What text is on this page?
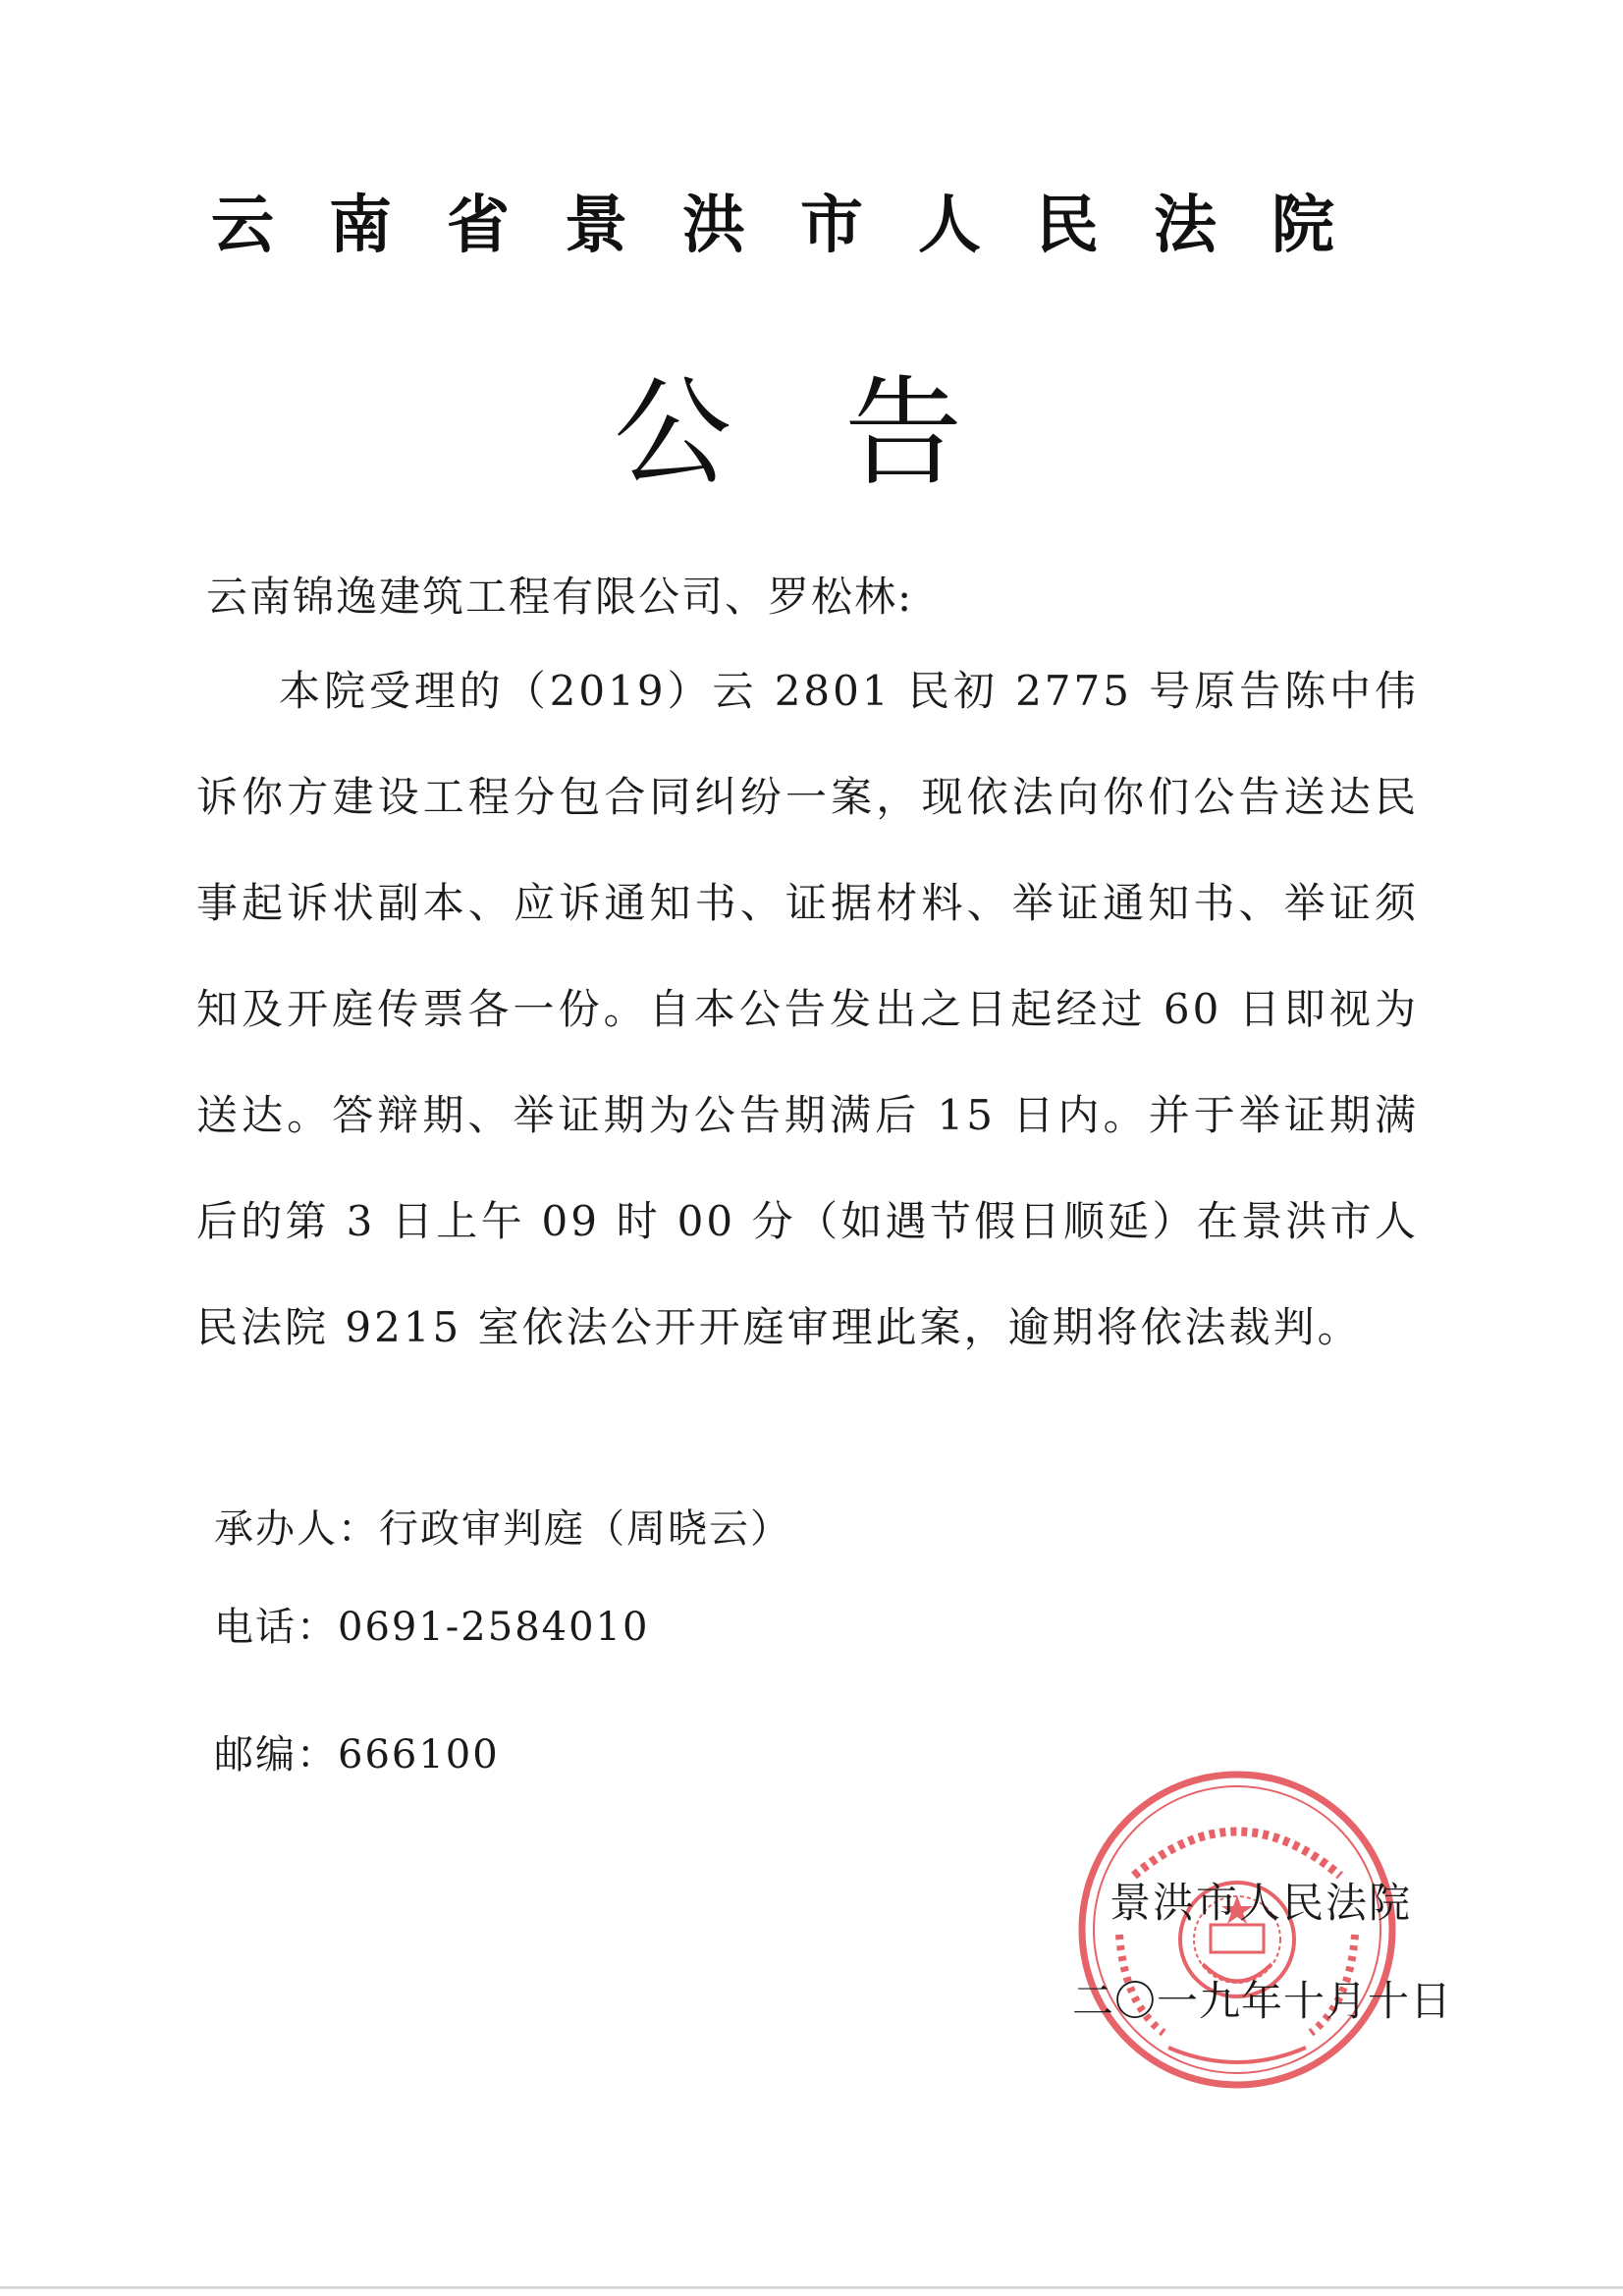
云南省景洪市人民法院
公告
云南锦逸建筑工程有限公司、罗松林:
本院受理的（2019）云 2801 民初 2775 号原告陈中伟诉你方建设工程分包合同纠纷一案，现依法向你们公告送达民事起诉状副本、应诉通知书、证据材料、举证通知书、举证须知及开庭传票各一份。自本公告发出之日起经过 60 日即视为送达。答辩期、举证期为公告期满后 15 日内。并于举证期满后的第 3 日上午 09 时 00 分（如遇节假日顺延）在景洪市人民法院 9215 室依法公开开庭审理此案，逾期将依法裁判。
承办人：行政审判庭（周晓云）
电话：0691-2584010
邮编：666100
景洪市人民法院
二〇一九年十月十日
